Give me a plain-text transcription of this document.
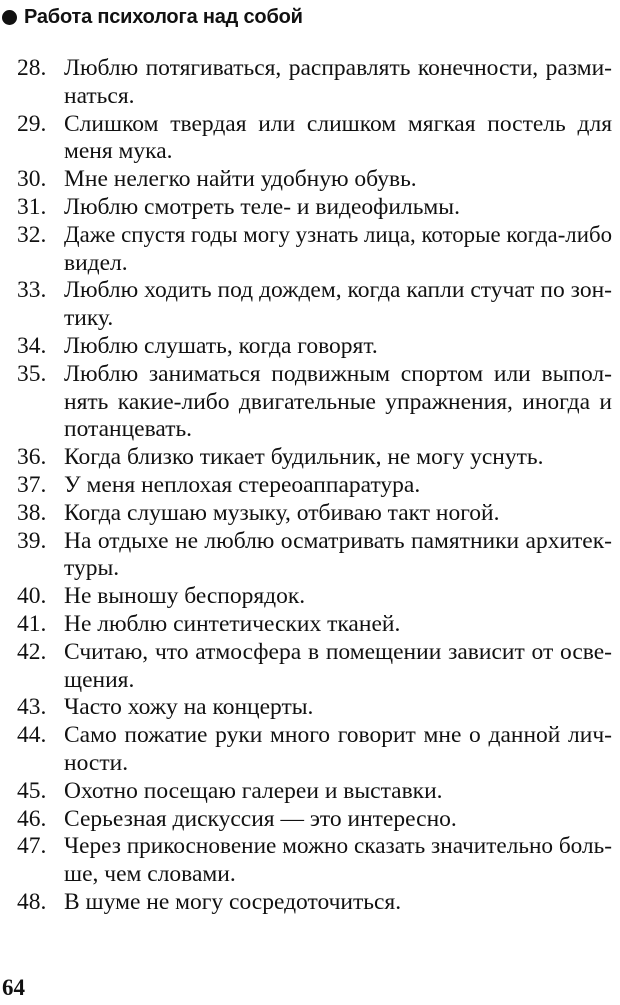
Работа психолога над собой
28. Люблю потягиваться, расправлять конечности, разми-
наться.
29. Слишком твердая или слишком мягкая постель для
меня мука.
30. Мне нелегко найти удобную обувь.
31. Люблю смотреть теле- и видеофильмы.
32. Даже спустя годы могу узнать лица, которые когда-либо
видел.
33. Люблю ходить под дождем, когда капли стучат по зон-
тику.
34. Люблю слушать, когда говорят.
35. Люблю заниматься подвижным спортом или выпол-
нять какие-либо двигательные упражнения, иногда и
потанцевать.
36. Когда близко тикает будильник, не могу уснуть.
37. У меня неплохая стереоаппаратура.
38. Когда слушаю музыку, отбиваю такт ногой.
39. На отдыхе не люблю осматривать памятники архитек-
туры.
40. Не выношу беспорядок.
41. Не люблю синтетических тканей.
42. Считаю, что атмосфера в помещении зависит от осве-
щения.
43. Часто хожу на концерты.
44. Само пожатие руки много говорит мне о данной лич-
ности.
45. Охотно посещаю галереи и выставки.
46. Серьезная дискуссия — это интересно.
47. Через прикосновение можно сказать значительно боль-
ше, чем словами.
48. В шуме не могу сосредоточиться.
64
